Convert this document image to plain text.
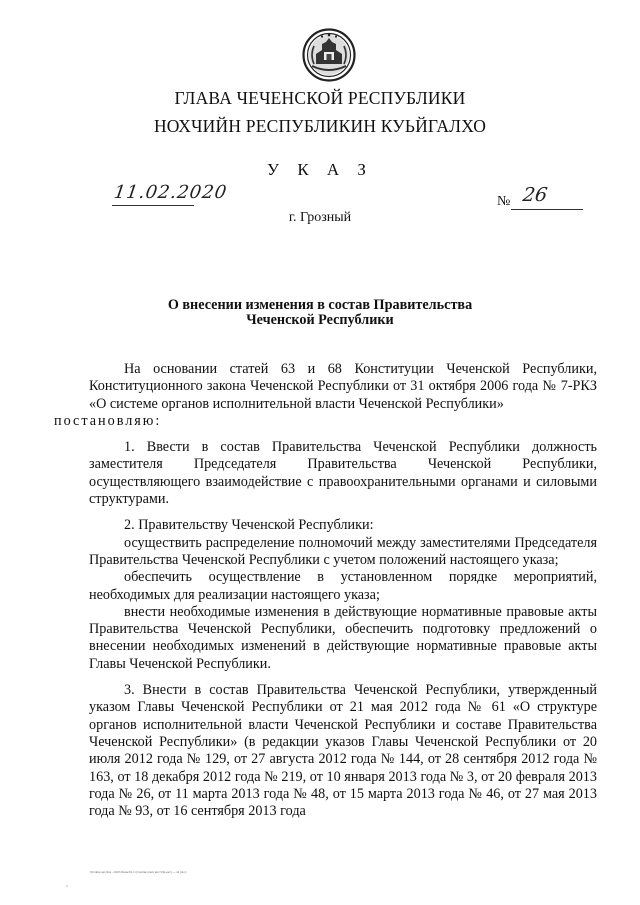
ГЛАВА ЧЕЧЕНСКОЙ РЕСПУБЛИКИ
НОХЧИЙН РЕСПУБЛИКИН КУЬЙГАЛХО
У К А З
11.02.2020	№ 26
г. Грозный
О внесении изменения в состав Правительства
Чеченской Республики

На основании статей 63 и 68 Конституции Чеченской Республики, Конституционного закона Чеченской Республики от 31 октября 2006 года № 7-РКЗ «О системе органов исполнительной власти Чеченской Республики»
постановляю:

1. Ввести в состав Правительства Чеченской Республики должность заместителя Председателя Правительства Чеченской Республики, осуществляющего взаимодействие с правоохранительными органами и силовыми структурами.

2. Правительству Чеченской Республики:

осуществить распределение полномочий между заместителями Председателя Правительства Чеченской Республики с учетом положений настоящего указа;

обеспечить осуществление в установленном порядке мероприятий, необходимых для реализации настоящего указа;

внести необходимые изменения в действующие нормативные правовые акты Правительства Чеченской Республики, обеспечить подготовку предложений о внесении необходимых изменений в действующие нормативные правовые акты Главы Чеченской Республики.

3. Внести в состав Правительства Чеченской Республики, утвержденный указом Главы Чеченской Республики от 21 мая 2012 года № 61 «О структуре органов исполнительной власти Чеченской Республики и составе Правительства Чеченской Республики» (в редакции указов Главы Чеченской Республики от 20 июля 2012 года № 129, от 27 августа 2012 года № 144, от 28 сентября 2012 года № 163, от 18 декабря 2012 года № 219, от 10 января 2013 года № 3, от 20 февраля 2013 года № 26, от 11 марта 2013 года № 48, от 15 марта 2013 года № 46, от 27 мая 2013 года № 93, от 16 сентября 2013 года

\\WorkGroup\Дом - 2020\Указы\02.11 (Снятие пашт инст\Проект) --- 44 (doc)
"
